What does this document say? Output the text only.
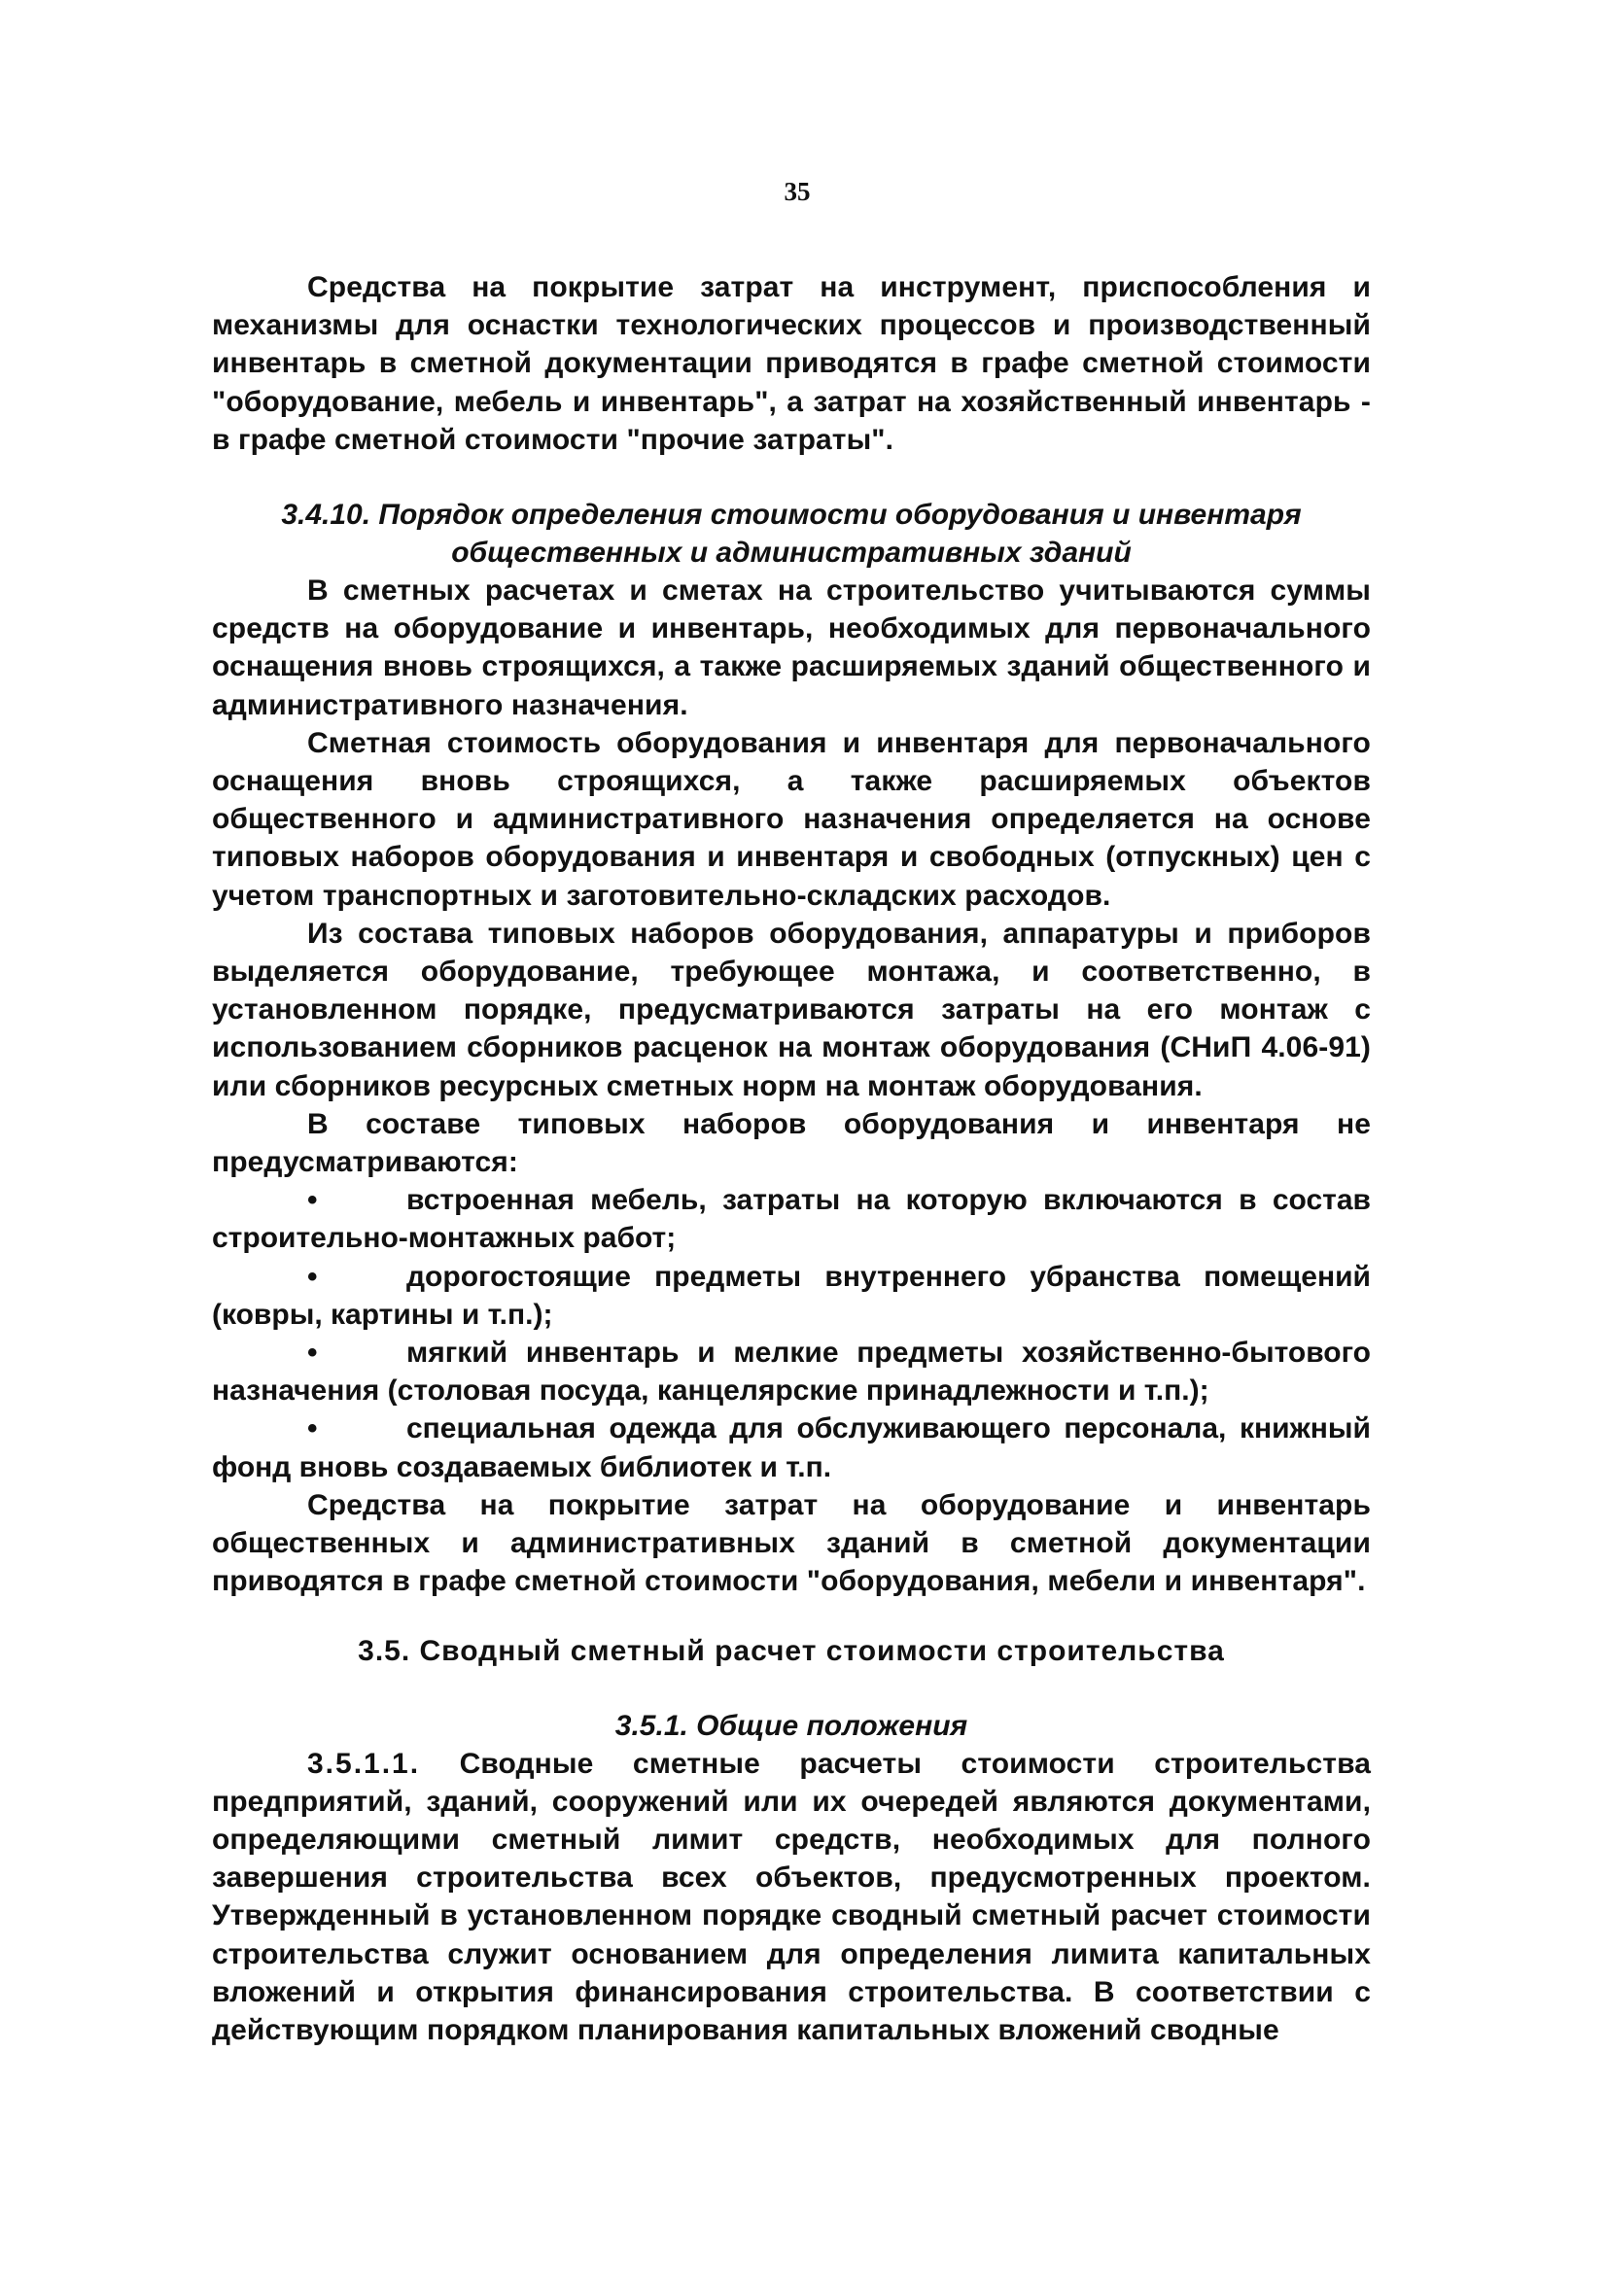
35

Средства на покрытие затрат на инструмент, приспособления и механизмы для оснастки технологических процессов и производственный инвентарь в сметной документации приводятся в графе сметной стоимости "оборудование, мебель и инвентарь", а затрат на хозяйственный инвентарь - в графе сметной стоимости "прочие затраты".

3.4.10. Порядок определения стоимости оборудования и инвентаря общественных и административных зданий

В сметных расчетах и сметах на строительство учитываются суммы средств на оборудование и инвентарь, необходимых для первоначального оснащения вновь строящихся, а также расширяемых зданий общественного и административного назначения.

Сметная стоимость оборудования и инвентаря для первоначального оснащения вновь строящихся, а также расширяемых объектов общественного и административного назначения определяется на основе типовых наборов оборудования и инвентаря и свободных (отпускных) цен с учетом транспортных и заготовительно-складских расходов.

Из состава типовых наборов оборудования, аппаратуры и приборов выделяется оборудование, требующее монтажа, и соответственно, в установленном порядке, предусматриваются затраты на его монтаж с использованием сборников расценок на монтаж оборудования (СНиП 4.06-91) или сборников ресурсных сметных норм на монтаж оборудования.

В составе типовых наборов оборудования и инвентаря не предусматриваются:

•	встроенная мебель, затраты на которую включаются в состав строительно-монтажных работ;
•	дорогостоящие предметы внутреннего убранства помещений (ковры, картины и т.п.);
•	мягкий инвентарь и мелкие предметы хозяйственно-бытового назначения (столовая посуда, канцелярские принадлежности и т.п.);
•	специальная одежда для обслуживающего персонала, книжный фонд вновь создаваемых библиотек и т.п.

Средства на покрытие затрат на оборудование и инвентарь общественных и административных зданий в сметной документации приводятся в графе сметной стоимости "оборудования, мебели и инвентаря".

3.5. Сводный сметный расчет стоимости строительства
3.5.1. Общие положения

3.5.1.1. Сводные сметные расчеты стоимости строительства предприятий, зданий, сооружений или их очередей являются документами, определяющими сметный лимит средств, необходимых для полного завершения строительства всех объектов, предусмотренных проектом. Утвержденный в установленном порядке сводный сметный расчет стоимости строительства служит основанием для определения лимита капитальных вложений и открытия финансирования строительства. В соответствии с действующим порядком планирования капитальных вложений сводные
